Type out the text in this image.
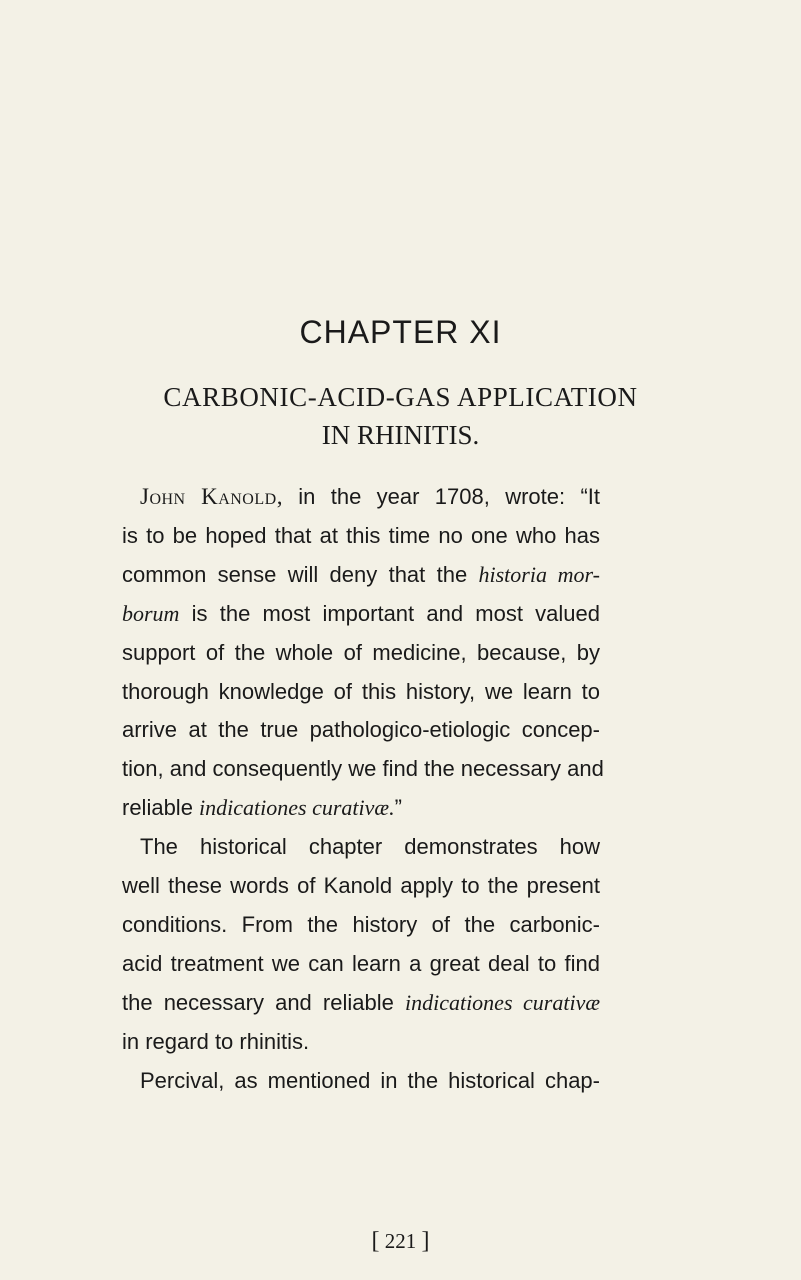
CHAPTER XI
CARBONIC-ACID-GAS APPLICATION
IN RHINITIS.
John Kanold, in the year 1708, wrote: “It
is to be hoped that at this time no one who has
common sense will deny that the historia mor-
borum is the most important and most valued
support of the whole of medicine, because, by
thorough knowledge of this history, we learn to
arrive at the true pathologico-etiologic concep-
tion, and consequently we find the necessary and
reliable indicationes curativæ.”
The historical chapter demonstrates how
well these words of Kanold apply to the present
conditions. From the history of the carbonic-
acid treatment we can learn a great deal to find
the necessary and reliable indicationes curativæ
in regard to rhinitis.
Percival, as mentioned in the historical chap-
[ 221 ]
